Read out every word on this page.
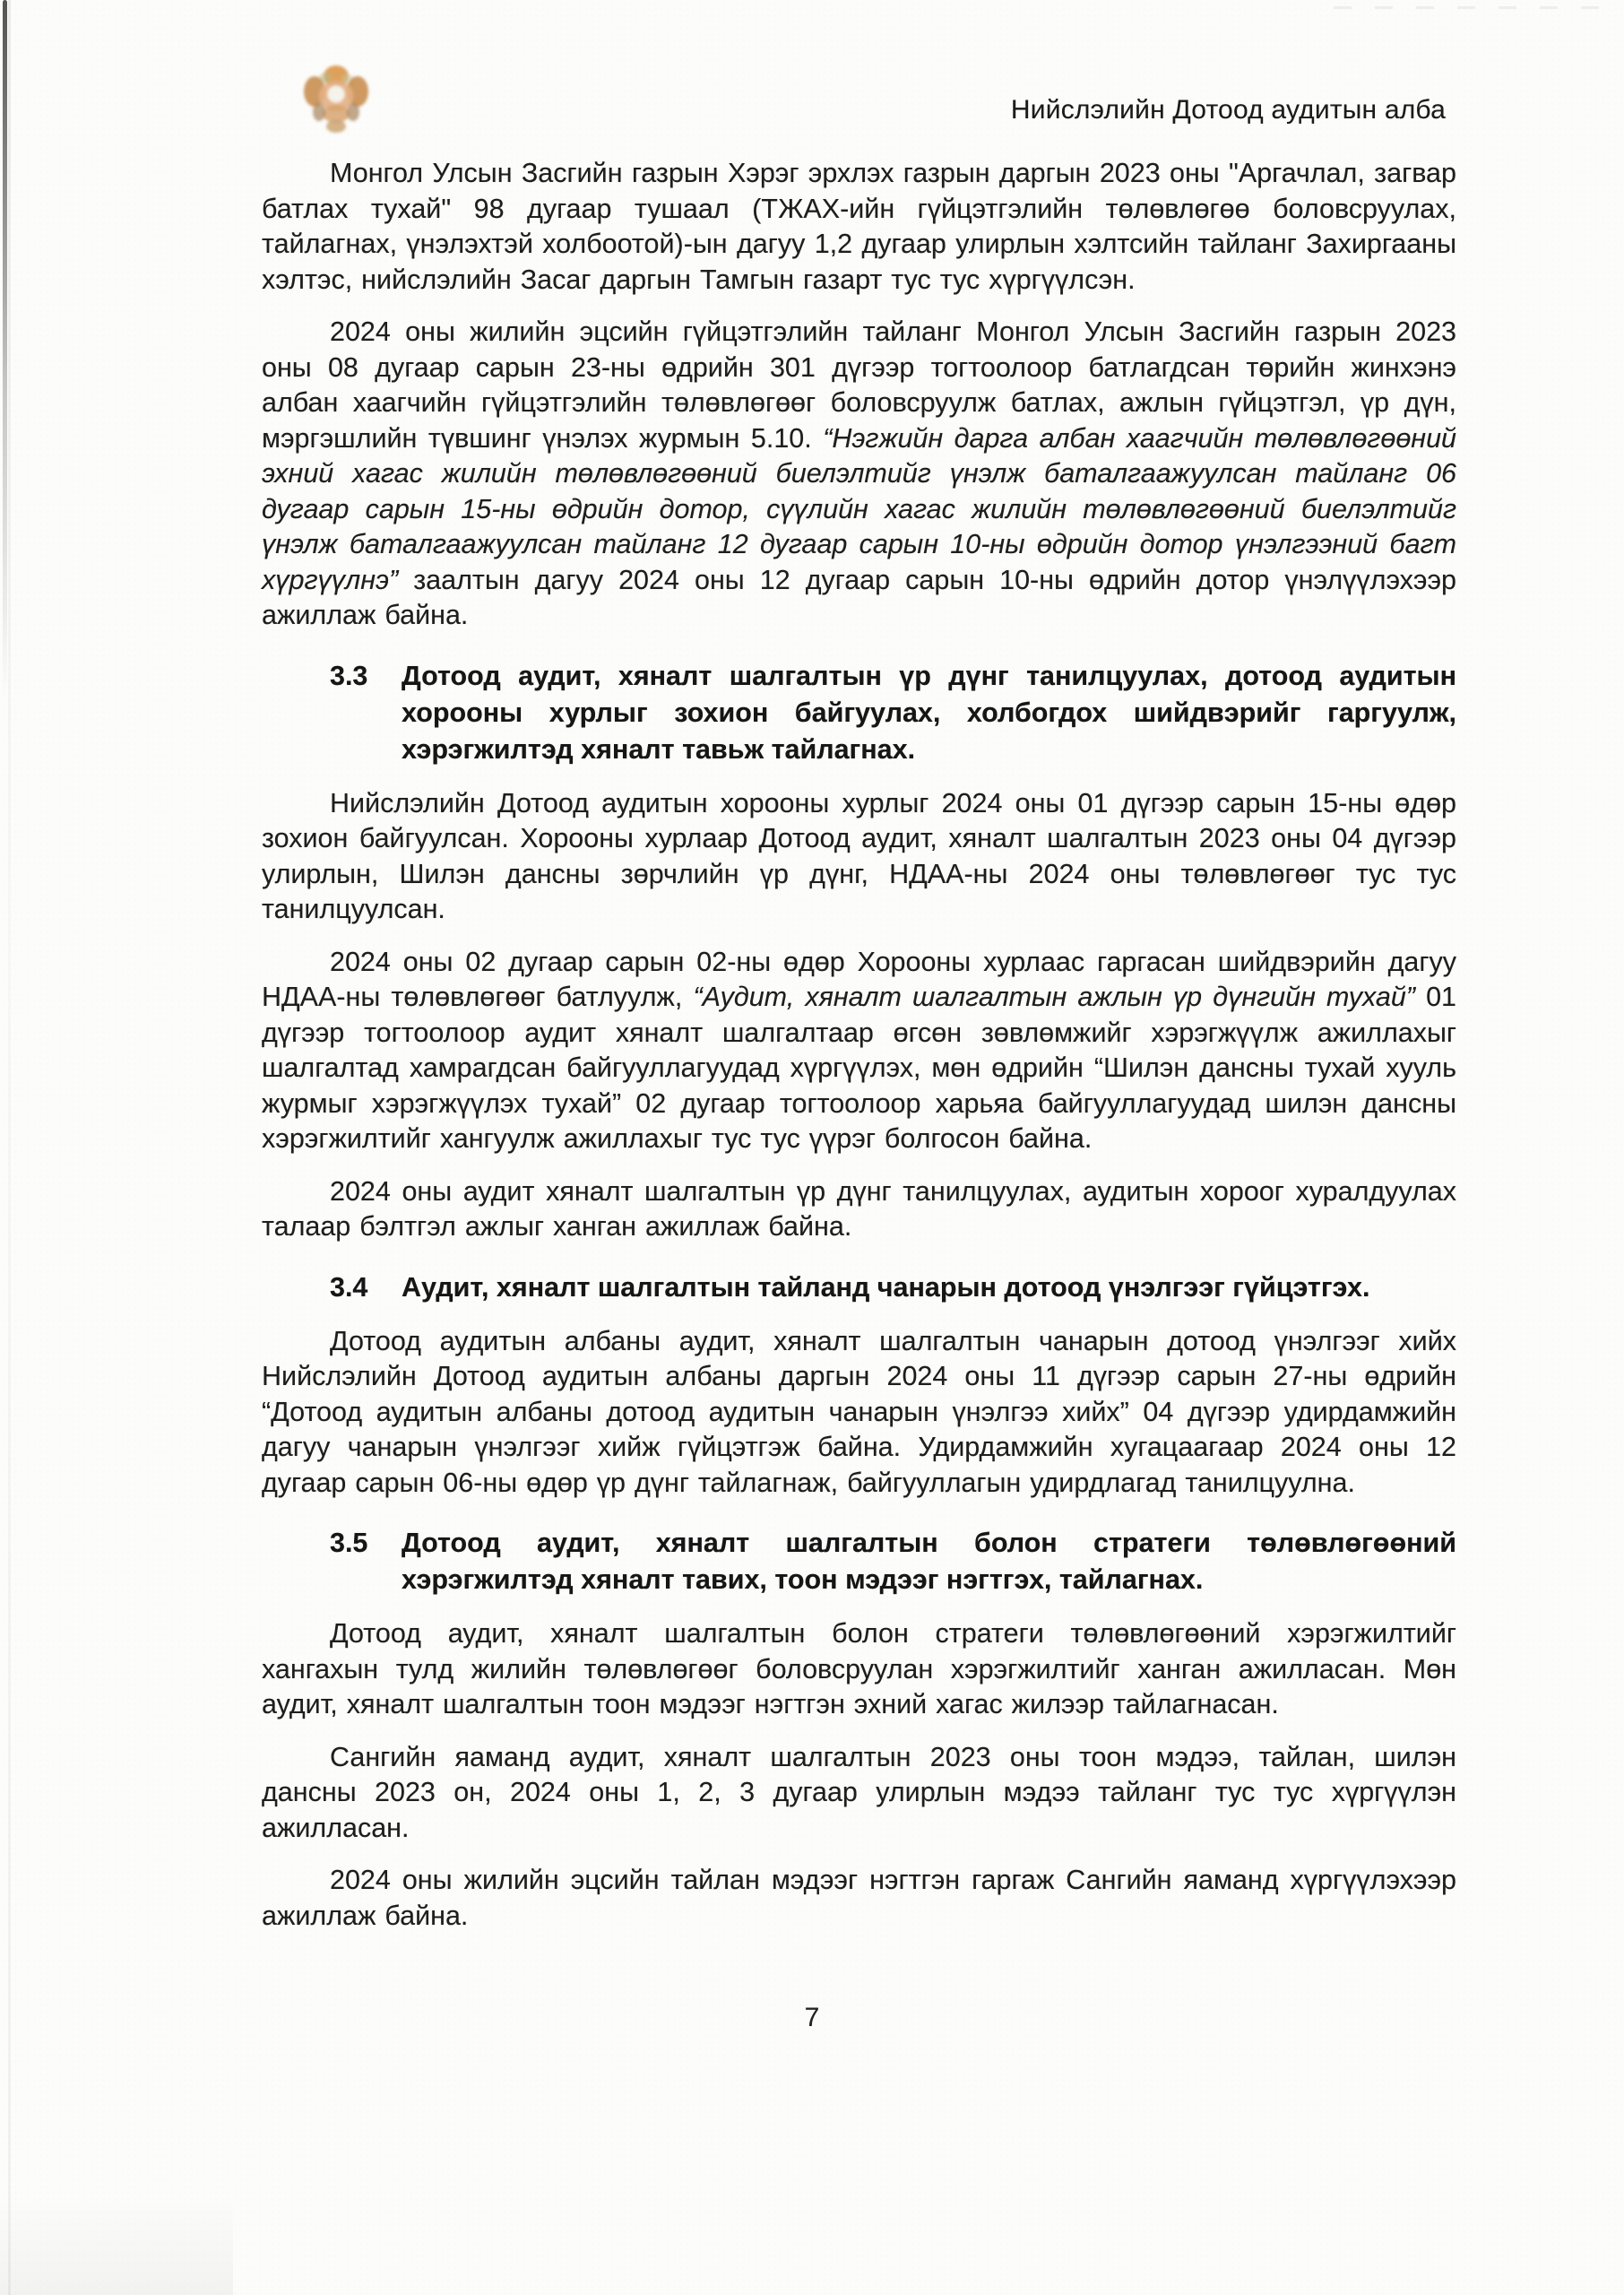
Нийслэлийн Дотоод аудитын алба

Монгол Улсын Засгийн газрын Хэрэг эрхлэх газрын даргын 2023 оны "Аргачлал, загвар батлах тухай" 98 дугаар тушаал (ТЖАХ-ийн гүйцэтгэлийн төлөвлөгөө боловсруулах, тайлагнах, үнэлэхтэй холбоотой)-ын дагуу 1,2 дугаар улирлын хэлтсийн тайланг Захиргааны хэлтэс, нийслэлийн Засаг даргын Тамгын газарт тус тус хүргүүлсэн.

2024 оны жилийн эцсийн гүйцэтгэлийн тайланг Монгол Улсын Засгийн газрын 2023 оны 08 дугаар сарын 23-ны өдрийн 301 дүгээр тогтоолоор батлагдсан төрийн жинхэнэ албан хаагчийн гүйцэтгэлийн төлөвлөгөөг боловсруулж батлах, ажлын гүйцэтгэл, үр дүн, мэргэшлийн түвшинг үнэлэх журмын 5.10. “Нэгжийн дарга албан хаагчийн төлөвлөгөөний эхний хагас жилийн төлөвлөгөөний биелэлтийг үнэлж баталгаажуулсан тайланг 06 дугаар сарын 15-ны өдрийн дотор, сүүлийн хагас жилийн төлөвлөгөөний биелэлтийг үнэлж баталгаажуулсан тайланг 12 дугаар сарын 10-ны өдрийн дотор үнэлгээний багт хүргүүлнэ” заалтын дагуу 2024 оны 12 дугаар сарын 10-ны өдрийн дотор үнэлүүлэхээр ажиллаж байна.

3.3 Дотоод аудит, хяналт шалгалтын үр дүнг танилцуулах, дотоод аудитын хорооны хурлыг зохион байгуулах, холбогдох шийдвэрийг гаргуулж, хэрэгжилтэд хяналт тавьж тайлагнах.

Нийслэлийн Дотоод аудитын хорооны хурлыг 2024 оны 01 дүгээр сарын 15-ны өдөр зохион байгуулсан. Хорооны хурлаар Дотоод аудит, хяналт шалгалтын 2023 оны 04 дүгээр улирлын, Шилэн дансны зөрчлийн үр дүнг, НДАА-ны 2024 оны төлөвлөгөөг тус тус танилцуулсан.

2024 оны 02 дугаар сарын 02-ны өдөр Хорооны хурлаас гаргасан шийдвэрийн дагуу НДАА-ны төлөвлөгөөг батлуулж, “Аудит, хяналт шалгалтын ажлын үр дүнгийн тухай” 01 дүгээр тогтоолоор аудит хяналт шалгалтаар өгсөн зөвлөмжийг хэрэгжүүлж ажиллахыг шалгалтад хамрагдсан байгууллагуудад хүргүүлэх, мөн өдрийн “Шилэн дансны тухай хууль журмыг хэрэгжүүлэх тухай” 02 дугаар тогтоолоор харьяа байгууллагуудад шилэн дансны хэрэгжилтийг хангуулж ажиллахыг тус тус үүрэг болгосон байна.

2024 оны аудит хяналт шалгалтын үр дүнг танилцуулах, аудитын хороог хуралдуулах талаар бэлтгэл ажлыг ханган ажиллаж байна.

3.4 Аудит, хяналт шалгалтын тайланд чанарын дотоод үнэлгээг гүйцэтгэх.

Дотоод аудитын албаны аудит, хяналт шалгалтын чанарын дотоод үнэлгээг хийх Нийслэлийн Дотоод аудитын албаны даргын 2024 оны 11 дүгээр сарын 27-ны өдрийн “Дотоод аудитын албаны дотоод аудитын чанарын үнэлгээ хийх” 04 дүгээр удирдамжийн дагуу чанарын үнэлгээг хийж гүйцэтгэж байна. Удирдамжийн хугацаагаар 2024 оны 12 дугаар сарын 06-ны өдөр үр дүнг тайлагнаж, байгууллагын удирдлагад танилцуулна.

3.5 Дотоод аудит, хяналт шалгалтын болон стратеги төлөвлөгөөний хэрэгжилтэд хяналт тавих, тоон мэдээг нэгтгэх, тайлагнах.

Дотоод аудит, хяналт шалгалтын болон стратеги төлөвлөгөөний хэрэгжилтийг хангахын тулд жилийн төлөвлөгөөг боловсруулан хэрэгжилтийг ханган ажилласан. Мөн аудит, хяналт шалгалтын тоон мэдээг нэгтгэн эхний хагас жилээр тайлагнасан.

Сангийн яаманд аудит, хяналт шалгалтын 2023 оны тоон мэдээ, тайлан, шилэн дансны 2023 он, 2024 оны 1, 2, 3 дугаар улирлын мэдээ тайланг тус тус хүргүүлэн ажилласан.

2024 оны жилийн эцсийн тайлан мэдээг нэгтгэн гаргаж Сангийн яаманд хүргүүлэхээр ажиллаж байна.

7
